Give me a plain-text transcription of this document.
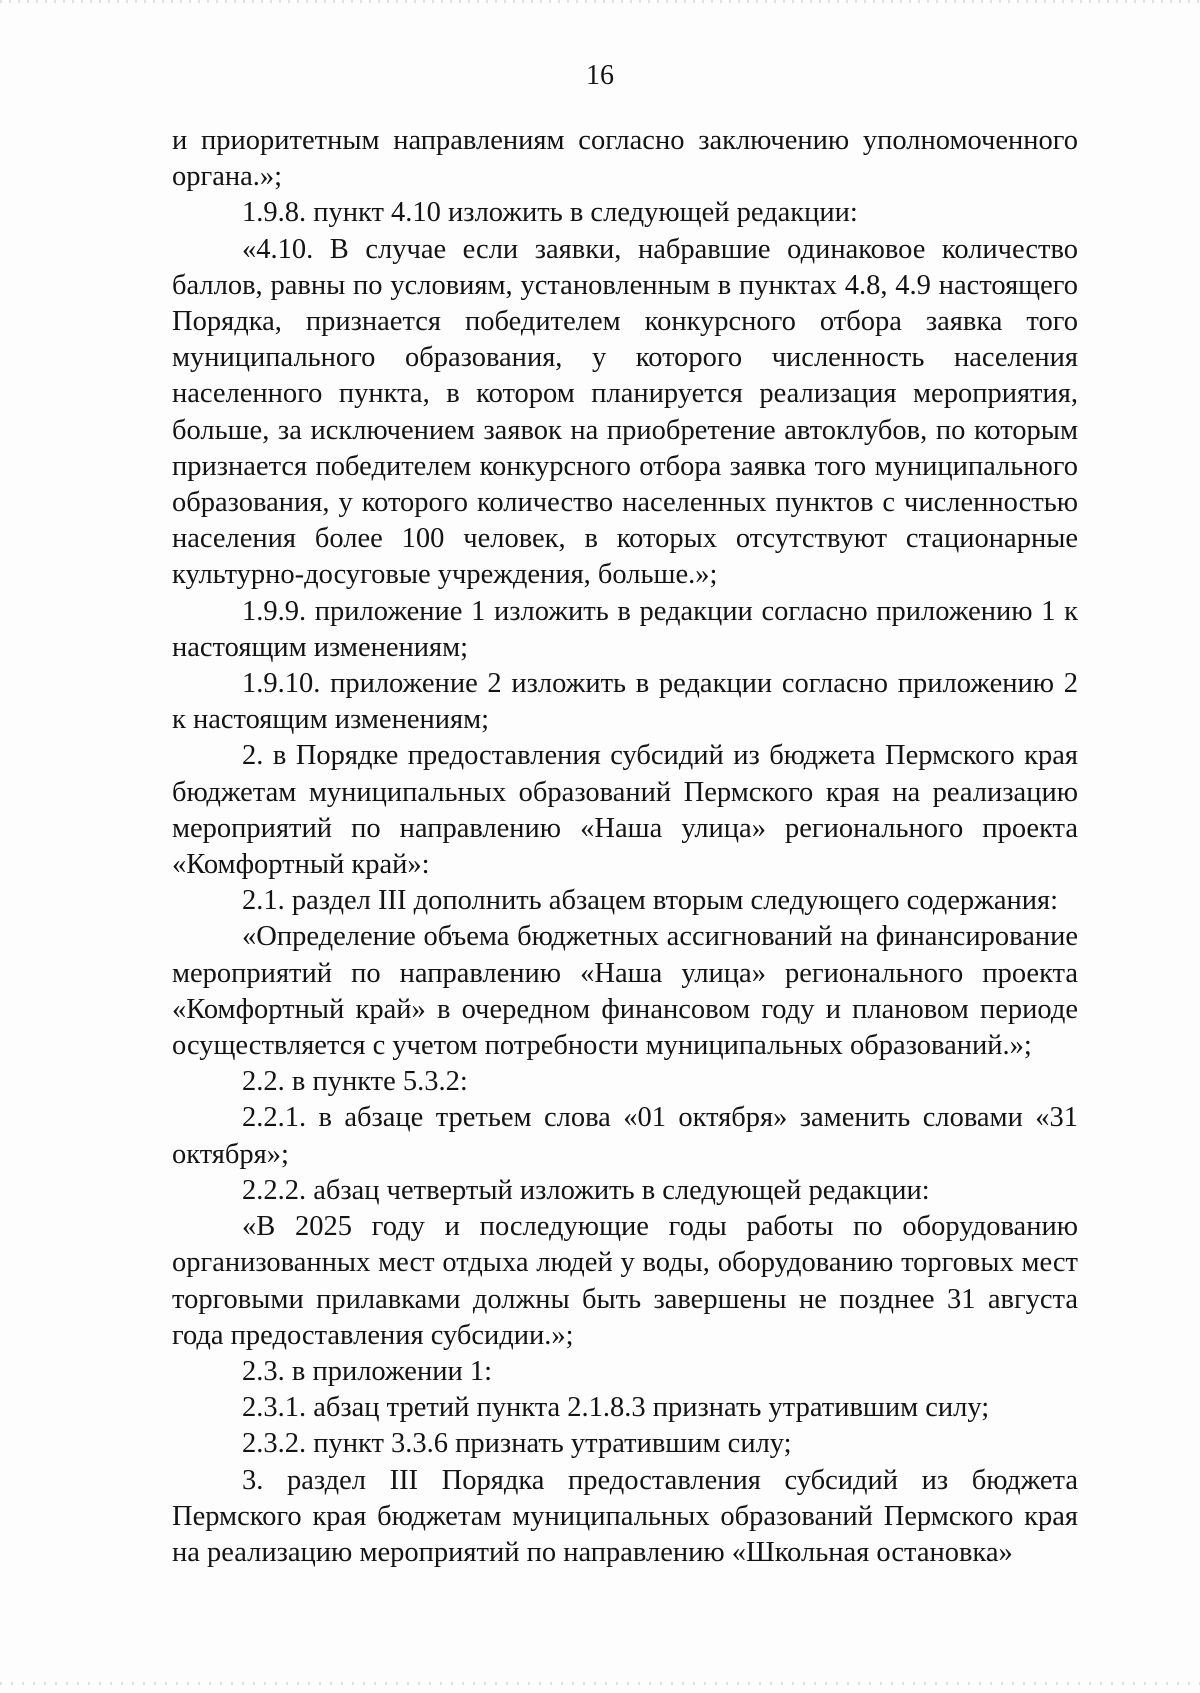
16

и приоритетным направлениям согласно заключению уполномоченного органа.»;

1.9.8. пункт 4.10 изложить в следующей редакции:

«4.10. В случае если заявки, набравшие одинаковое количество баллов, равны по условиям, установленным в пунктах 4.8, 4.9 настоящего Порядка, признается победителем конкурсного отбора заявка того муниципального образования, у которого численность населения населенного пункта, в котором планируется реализация мероприятия, больше, за исключением заявок на приобретение автоклубов, по которым признается победителем конкурсного отбора заявка того муниципального образования, у которого количество населенных пунктов с численностью населения более 100 человек, в которых отсутствуют стационарные культурно-досуговые учреждения, больше.»;

1.9.9. приложение 1 изложить в редакции согласно приложению 1 к настоящим изменениям;

1.9.10. приложение 2 изложить в редакции согласно приложению 2 к настоящим изменениям;

2. в Порядке предоставления субсидий из бюджета Пермского края бюджетам муниципальных образований Пермского края на реализацию мероприятий по направлению «Наша улица» регионального проекта «Комфортный край»:

2.1. раздел III дополнить абзацем вторым следующего содержания:

«Определение объема бюджетных ассигнований на финансирование мероприятий по направлению «Наша улица» регионального проекта «Комфортный край» в очередном финансовом году и плановом периоде осуществляется с учетом потребности муниципальных образований.»;

2.2. в пункте 5.3.2:

2.2.1. в абзаце третьем слова «01 октября» заменить словами «31 октября»;

2.2.2. абзац четвертый изложить в следующей редакции:

«В 2025 году и последующие годы работы по оборудованию организованных мест отдыха людей у воды, оборудованию торговых мест торговыми прилавками должны быть завершены не позднее 31 августа года предоставления субсидии.»;

2.3. в приложении 1:

2.3.1. абзац третий пункта 2.1.8.3 признать утратившим силу;

2.3.2. пункт 3.3.6 признать утратившим силу;

3. раздел III Порядка предоставления субсидий из бюджета Пермского края бюджетам муниципальных образований Пермского края на реализацию мероприятий по направлению «Школьная остановка»
